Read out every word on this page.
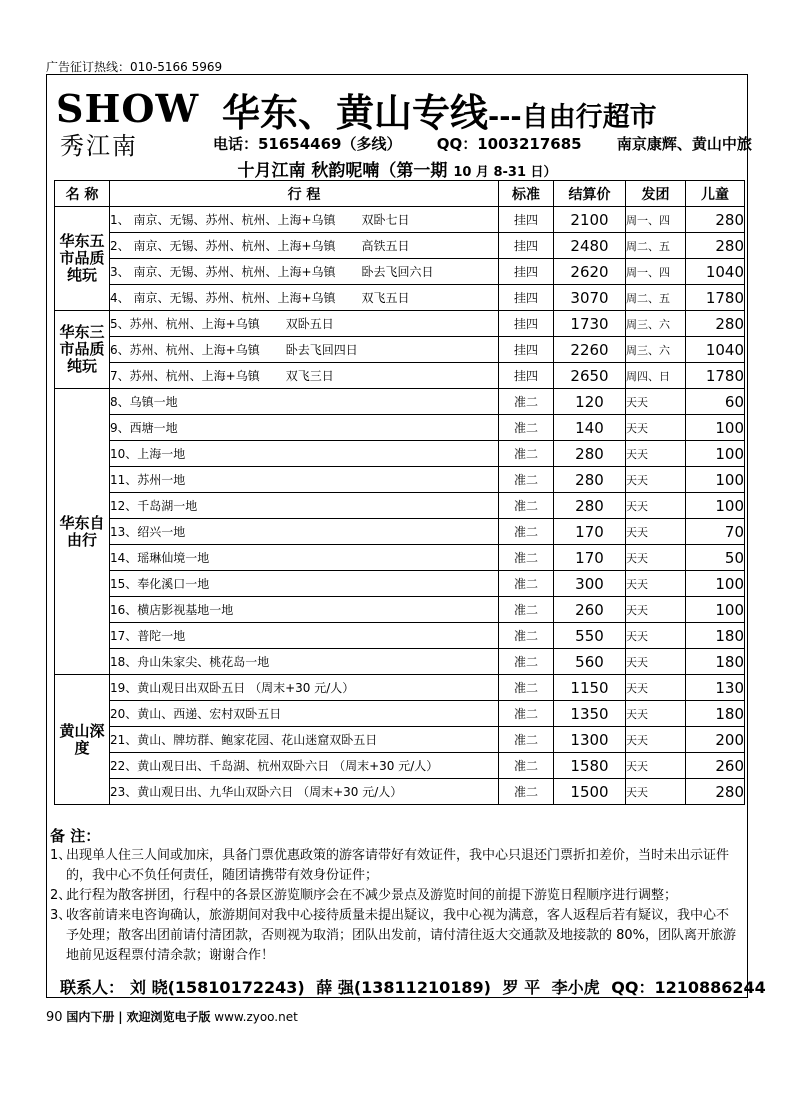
广告征订热线：010-5166 5969
SHOW
秀江南
华东、黄山专线---自由行超市
电话：51654469（多线） QQ：1003217685 南京康辉、黄山中旅
十月江南 秋韵呢喃（第一期 10 月 8-31 日）
名 称	行 程	标准	结算价	发团	儿童
华东五市品质纯玩	1、 南京、无锡、苏州、杭州、上海+乌镇 双卧七日	挂四	2100	周一、四	280
	2、 南京、无锡、苏州、杭州、上海+乌镇 高铁五日	挂四	2480	周二、五	280
	3、 南京、无锡、苏州、杭州、上海+乌镇 卧去飞回六日	挂四	2620	周一、四	1040
	4、 南京、无锡、苏州、杭州、上海+乌镇 双飞五日	挂四	3070	周二、五	1780
华东三市品质纯玩	5、苏州、杭州、上海+乌镇 双卧五日	挂四	1730	周三、六	280
	6、苏州、杭州、上海+乌镇 卧去飞回四日	挂四	2260	周三、六	1040
	7、苏州、杭州、上海+乌镇 双飞三日	挂四	2650	周四、日	1780
华东自由行	8、乌镇一地	准二	120	天天	60
	9、西塘一地	准二	140	天天	100
	10、上海一地	准二	280	天天	100
	11、苏州一地	准二	280	天天	100
	12、千岛湖一地	准二	280	天天	100
	13、绍兴一地	准二	170	天天	70
	14、瑶琳仙境一地	准二	170	天天	50
	15、奉化溪口一地	准二	300	天天	100
	16、横店影视基地一地	准二	260	天天	100
	17、普陀一地	准二	550	天天	180
	18、舟山朱家尖、桃花岛一地	准二	560	天天	180
黄山深度	19、黄山观日出双卧五日 （周末+30 元/人）	准二	1150	天天	130
	20、黄山、西递、宏村双卧五日	准二	1350	天天	180
	21、黄山、牌坊群、鲍家花园、花山迷窟双卧五日	准二	1300	天天	200
	22、黄山观日出、千岛湖、杭州双卧六日 （周末+30 元/人）	准二	1580	天天	260
	23、黄山观日出、九华山双卧六日 （周末+30 元/人）	准二	1500	天天	280
备 注：
1、
出现单人住三人间或加床，具备门票优惠政策的游客请带好有效证件，我中心只退还门票折扣差价，当时未出示证件的，我中心不负任何责任，随团请携带有效身份证件；
2、
此行程为散客拼团，行程中的各景区游览顺序会在不减少景点及游览时间的前提下游览日程顺序进行调整；
3、
收客前请来电咨询确认，旅游期间对我中心接待质量未提出疑议，我中心视为满意，客人返程后若有疑议，我中心不予处理；散客出团前请付清团款，否则视为取消；团队出发前，请付清往返大交通款及地接款的 80%，团队离开旅游地前见返程票付清余款；谢谢合作！
联系人： 刘 晓(15810172243) 薛 强(13811210189) 罗 平 李小虎 QQ：1210886244
90 国内下册 | 欢迎浏览电子版 www.zyoo.net
